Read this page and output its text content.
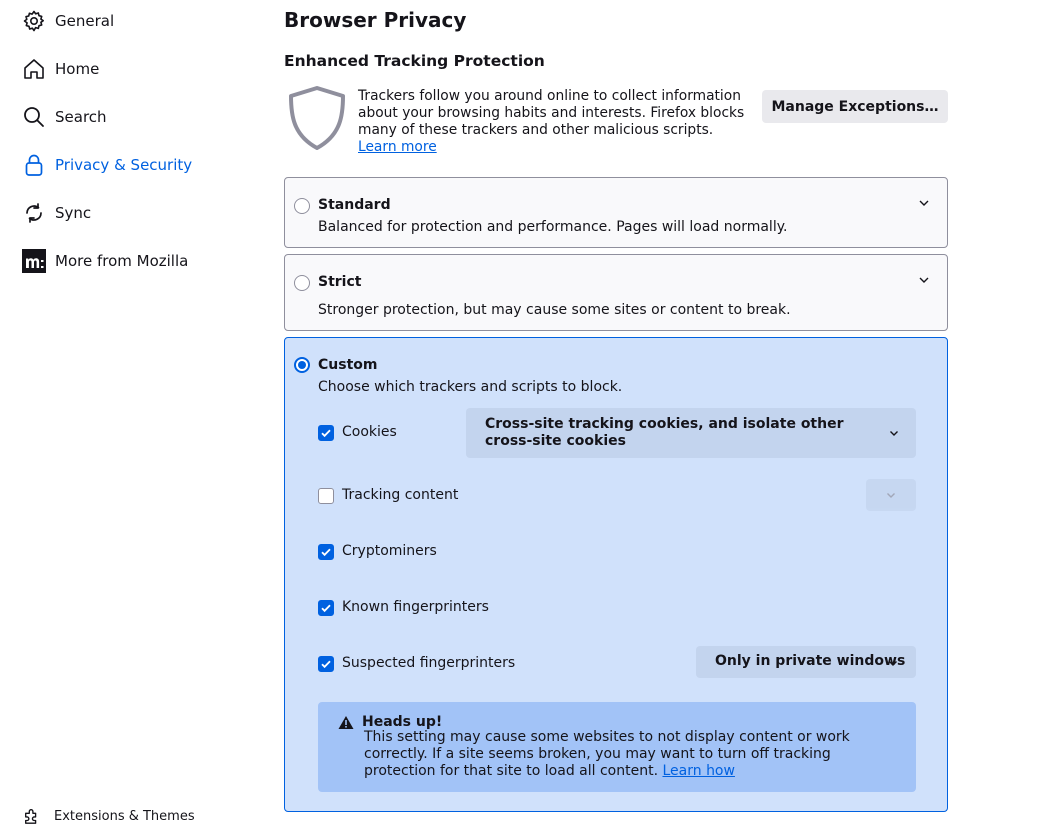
General
Home
Search
Privacy & Security
Sync
More from Mozilla
Extensions & Themes
Browser Privacy
Enhanced Tracking Protection
Trackers follow you around online to collect information about your browsing habits and interests. Firefox blocks many of these trackers and other malicious scripts.
Learn more
Manage Exceptions…
Standard
Balanced for protection and performance. Pages will load normally.
Strict
Stronger protection, but may cause some sites or content to break.
Custom
Choose which trackers and scripts to block.
Cookies	Cross-site tracking cookies, and isolate other cross-site cookies
Tracking content
Cryptominers
Known fingerprinters
Suspected fingerprinters	Only in private windows
Heads up!
This setting may cause some websites to not display content or work correctly. If a site seems broken, you may want to turn off tracking protection for that site to load all content. Learn how
